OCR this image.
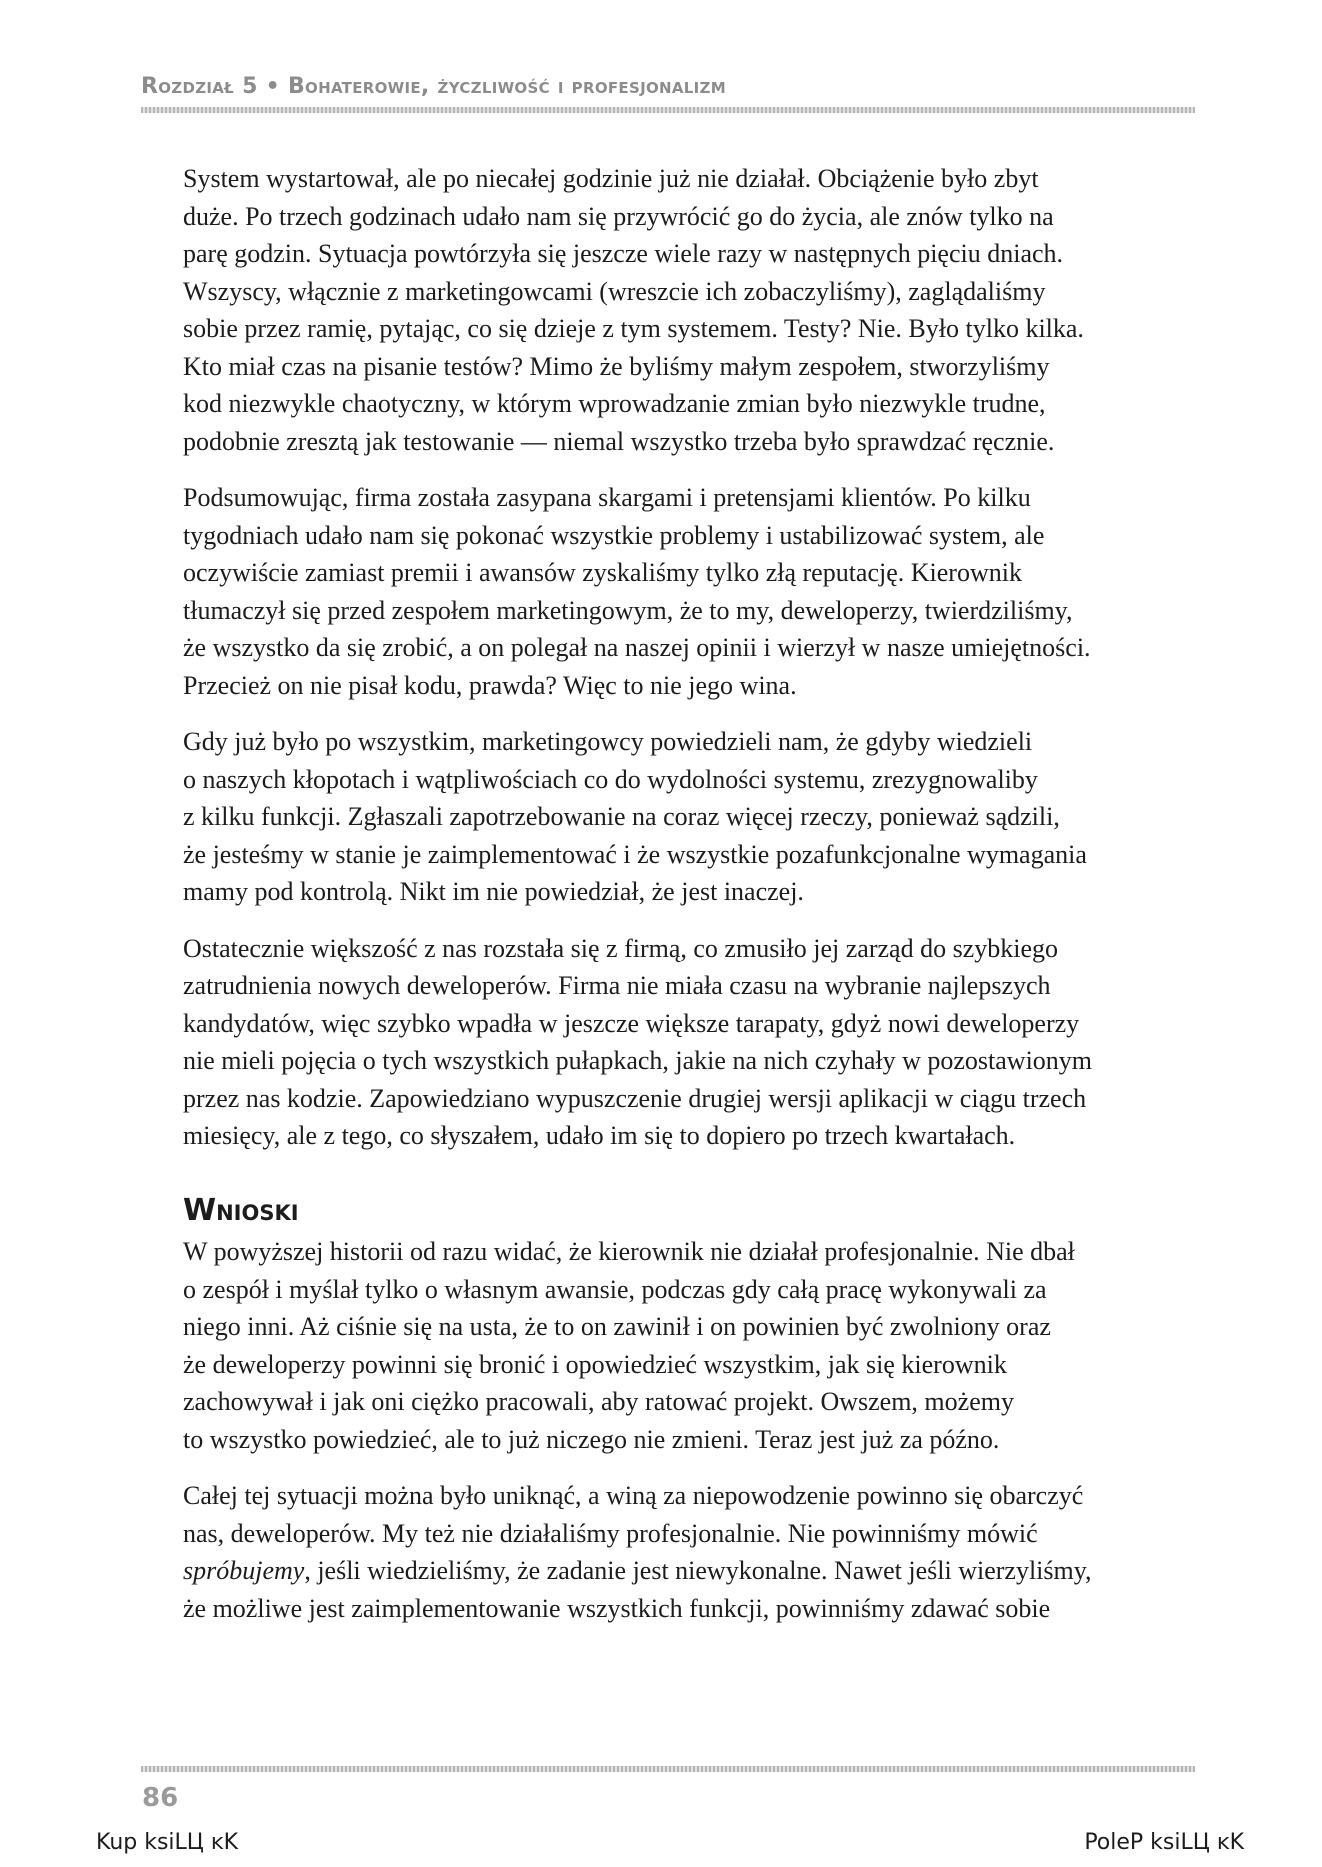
Rozdział 5 • Bohaterowie, życzliwość i profesjonalizm

System wystartował, ale po niecałej godzinie już nie działał. Obciążenie było zbyt
duże. Po trzech godzinach udało nam się przywrócić go do życia, ale znów tylko na
parę godzin. Sytuacja powtórzyła się jeszcze wiele razy w następnych pięciu dniach.
Wszyscy, włącznie z marketingowcami (wreszcie ich zobaczyliśmy), zaglądaliśmy
sobie przez ramię, pytając, co się dzieje z tym systemem. Testy? Nie. Było tylko kilka.
Kto miał czas na pisanie testów? Mimo że byliśmy małym zespołem, stworzyliśmy
kod niezwykle chaotyczny, w którym wprowadzanie zmian było niezwykle trudne,
podobnie zresztą jak testowanie — niemal wszystko trzeba było sprawdzać ręcznie.

Podsumowując, firma została zasypana skargami i pretensjami klientów. Po kilku
tygodniach udało nam się pokonać wszystkie problemy i ustabilizować system, ale
oczywiście zamiast premii i awansów zyskaliśmy tylko złą reputację. Kierownik
tłumaczył się przed zespołem marketingowym, że to my, deweloperzy, twierdziliśmy,
że wszystko da się zrobić, a on polegał na naszej opinii i wierzył w nasze umiejętności.
Przecież on nie pisał kodu, prawda? Więc to nie jego wina.

Gdy już było po wszystkim, marketingowcy powiedzieli nam, że gdyby wiedzieli
o naszych kłopotach i wątpliwościach co do wydolności systemu, zrezygnowaliby
z kilku funkcji. Zgłaszali zapotrzebowanie na coraz więcej rzeczy, ponieważ sądzili,
że jesteśmy w stanie je zaimplementować i że wszystkie pozafunkcjonalne wymagania
mamy pod kontrolą. Nikt im nie powiedział, że jest inaczej.

Ostatecznie większość z nas rozstała się z firmą, co zmusiło jej zarząd do szybkiego
zatrudnienia nowych deweloperów. Firma nie miała czasu na wybranie najlepszych
kandydatów, więc szybko wpadła w jeszcze większe tarapaty, gdyż nowi deweloperzy
nie mieli pojęcia o tych wszystkich pułapkach, jakie na nich czyhały w pozostawionym
przez nas kodzie. Zapowiedziano wypuszczenie drugiej wersji aplikacji w ciągu trzech
miesięcy, ale z tego, co słyszałem, udało im się to dopiero po trzech kwartałach.

Wnioski

W powyższej historii od razu widać, że kierownik nie działał profesjonalnie. Nie dbał
o zespół i myślał tylko o własnym awansie, podczas gdy całą pracę wykonywali za
niego inni. Aż ciśnie się na usta, że to on zawinił i on powinien być zwolniony oraz
że deweloperzy powinni się bronić i opowiedzieć wszystkim, jak się kierownik
zachowywał i jak oni ciężko pracowali, aby ratować projekt. Owszem, możemy
to wszystko powiedzieć, ale to już niczego nie zmieni. Teraz jest już za późno.

Całej tej sytuacji można było uniknąć, a winą za niepowodzenie powinno się obarczyć
nas, deweloperów. My też nie działaliśmy profesjonalnie. Nie powinniśmy mówić
spróbujemy, jeśli wiedzieliśmy, że zadanie jest niewykonalne. Nawet jeśli wierzyliśmy,
że możliwe jest zaimplementowanie wszystkich funkcji, powinniśmy zdawać sobie

86
Kup ksiLЦ ĸK	PoleP ksiLЦ ĸK
